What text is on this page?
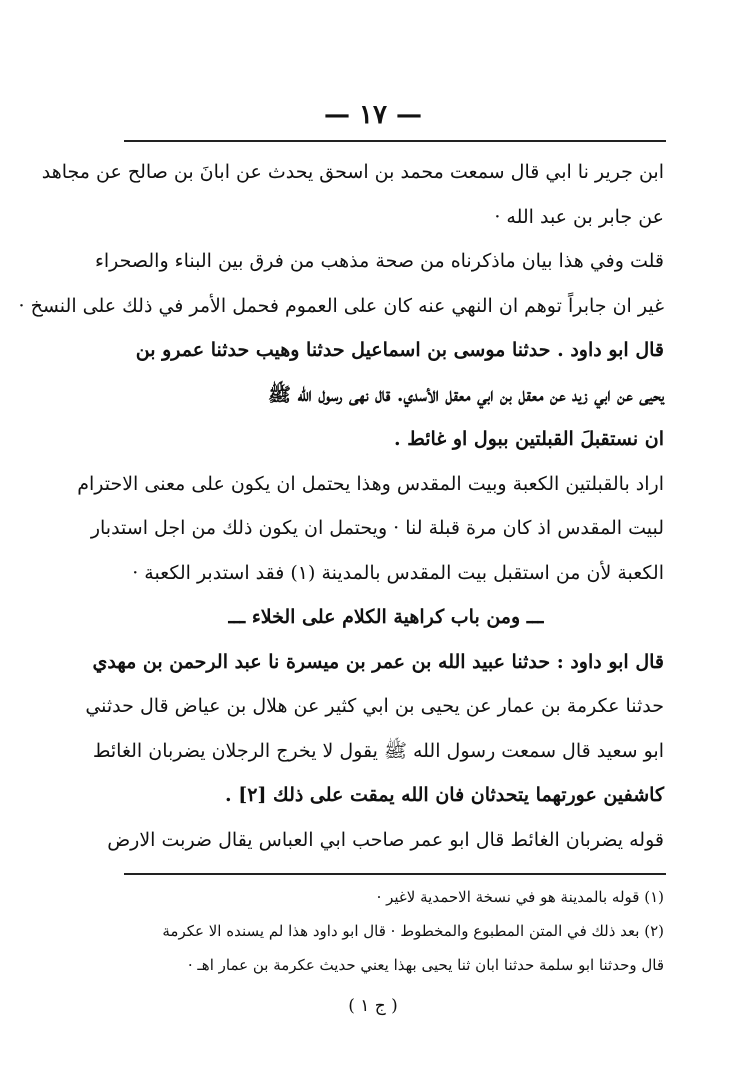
— ١٧ —
ابن جرير نا ابي قال سمعت محمد بن اسحق يحدث عن ابانَ بن صالح عن مجاهد
عن جابر بن عبد الله ·
قلت وفي هذا بيان ماذكرناه من صحة مذهب من فرق بين البناء والصحراء
غير ان جابراً توهم ان النهي عنه كان على العموم فحمل الأمر في ذلك على النسخ ·
قال ابو داود . حدثنا موسى بن اسماعيل حدثنا وهيب حدثنا عمرو بن
يحيى عن ابي زيد عن معقل بن ابي معقل الأسدي. قال نهى رسول الله ﷺ
ان نستقبلَ القبلتين ببول او غائط .
اراد بالقبلتين الكعبة وبيت المقدس وهذا يحتمل ان يكون على معنى الاحترام
لبيت المقدس اذ كان مرة قبلة لنا · ويحتمل ان يكون ذلك من اجل استدبار
الكعبة لأن من استقبل بيت المقدس بالمدينة (١) فقد استدبر الكعبة ·
ـــ ومن باب كراهية الكلام على الخلاء ـــ
قال ابو داود : حدثنا عبيد الله بن عمر بن ميسرة نا عبد الرحمن بن مهدي
حدثنا عكرمة بن عمار عن يحيى بن ابي كثير عن هلال بن عياض قال حدثني
ابو سعيد قال سمعت رسول الله ﷺ يقول لا يخرج الرجلان يضربان الغائط
كاشفين عورتهما يتحدثان فان الله يمقت على ذلك [٢] .
قوله يضربان الغائط قال ابو عمر صاحب ابي العباس يقال ضربت الارض
(١) قوله بالمدينة هو في نسخة الاحمدية لاغير ·
(٢) بعد ذلك في المتن المطبوع والمخطوط · قال ابو داود هذا لم يسنده الا عكرمة
قال وحدثنا ابو سلمة حدثنا ابان ثنا يحيى بهذا يعني حديث عكرمة بن عمار اهـ ·
( ج ١ )
